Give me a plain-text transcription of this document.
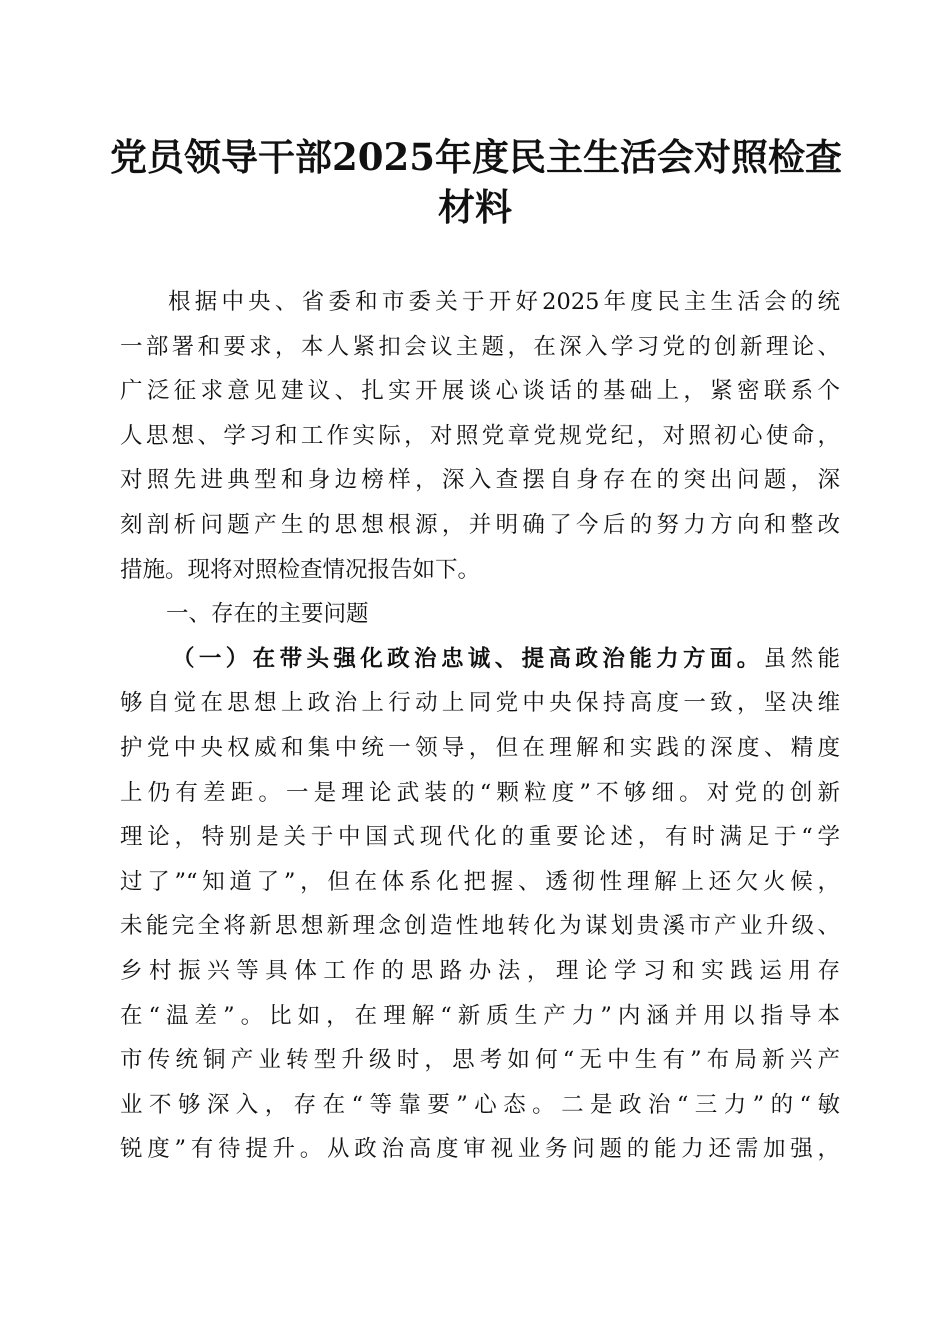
党员领导干部2025年度民主生活会对照检查
材料
根据中央、省委和市委关于开好2025年度民主生活会的统
一部署和要求，本人紧扣会议主题，在深入学习党的创新理论、
广泛征求意见建议、扎实开展谈心谈话的基础上，紧密联系个
人思想、学习和工作实际，对照党章党规党纪，对照初心使命，
对照先进典型和身边榜样，深入查摆自身存在的突出问题，深
刻剖析问题产生的思想根源，并明确了今后的努力方向和整改
措施。现将对照检查情况报告如下。
一、存在的主要问题
（一）在带头强化政治忠诚、提高政治能力方面。虽然能
够自觉在思想上政治上行动上同党中央保持高度一致，坚决维
护党中央权威和集中统一领导，但在理解和实践的深度、精度
上仍有差距。一是理论武装的“颗粒度”不够细。对党的创新
理论，特别是关于中国式现代化的重要论述，有时满足于“学
过了”“知道了”，但在体系化把握、透彻性理解上还欠火候，
未能完全将新思想新理念创造性地转化为谋划贵溪市产业升级、
乡村振兴等具体工作的思路办法，理论学习和实践运用存
在“温差”。比如，在理解“新质生产力”内涵并用以指导本
市传统铜产业转型升级时，思考如何“无中生有”布局新兴产
业不够深入，存在“等靠要”心态。二是政治“三力”的“敏
锐度”有待提升。从政治高度审视业务问题的能力还需加强，
